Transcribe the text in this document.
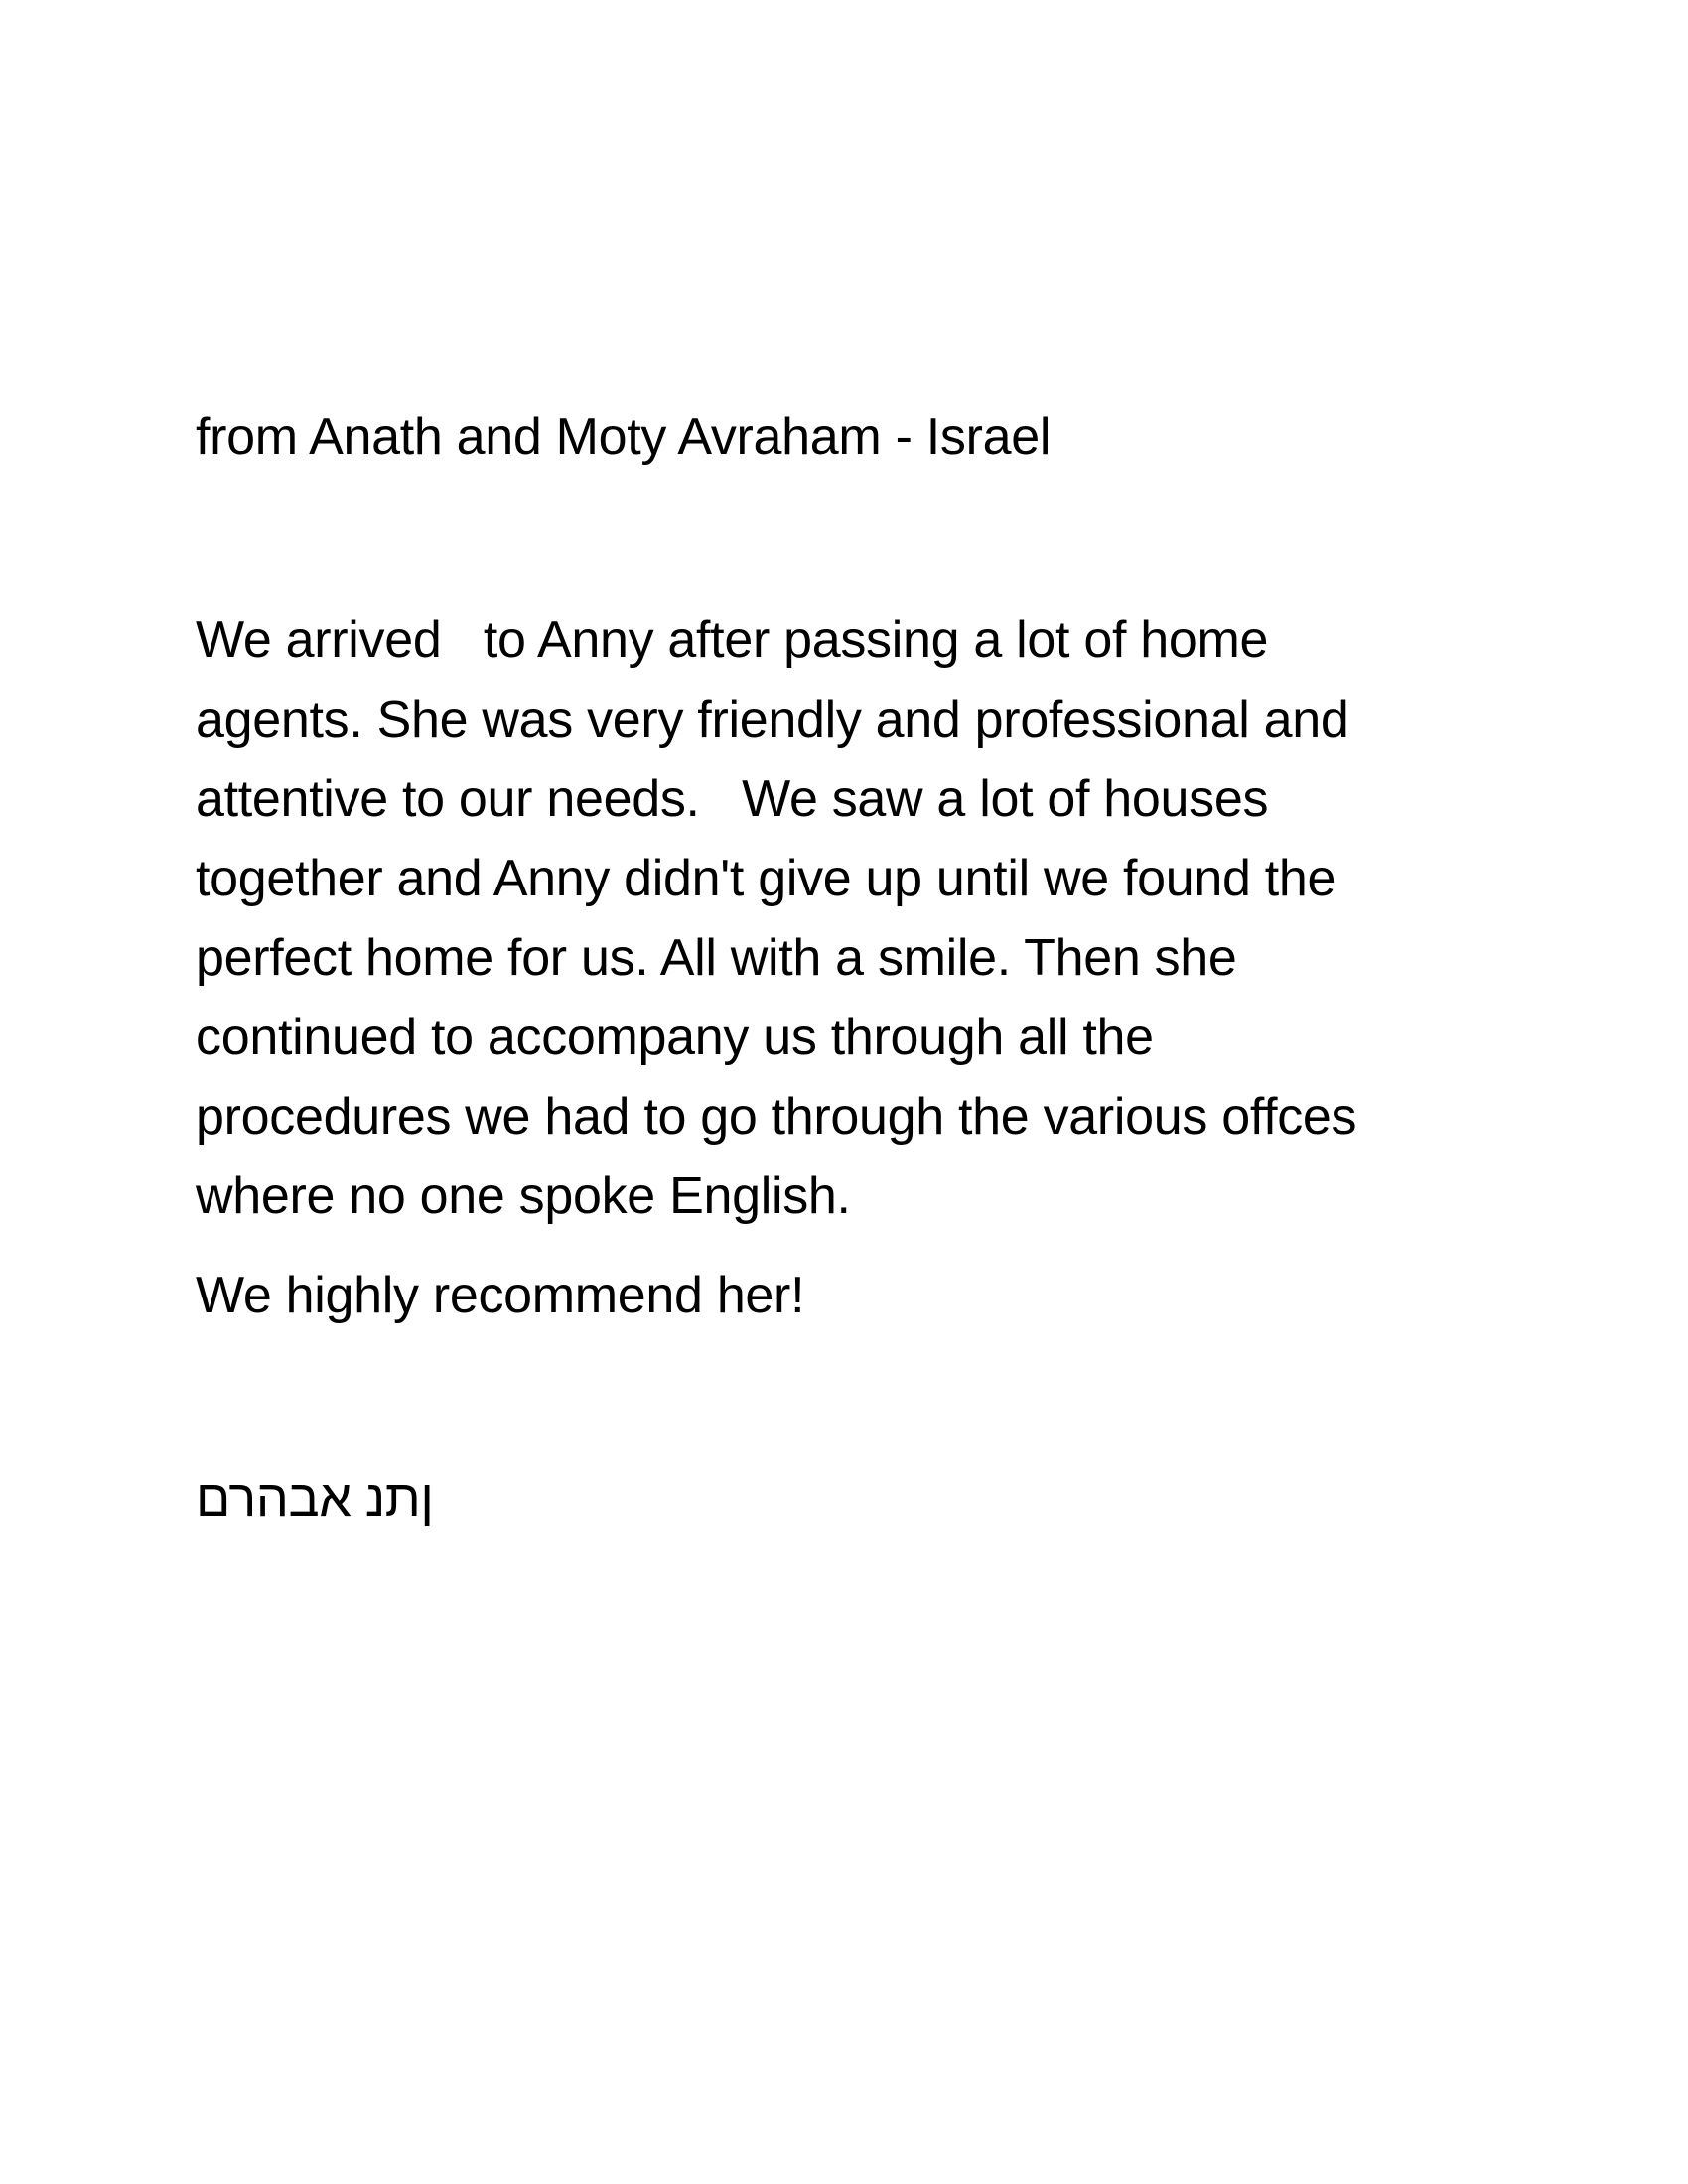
from Anath and Moty Avraham - Israel

We arrived   to Anny after passing a lot of home

agents. She was very friendly and professional and

attentive to our needs.   We saw a lot of houses

together and Anny didn't give up until we found the

perfect home for us. All with a smile. Then she

continued to accompany us through all the

procedures we had to go through the various offces

where no one spoke English.

We highly recommend her!

ןתנ אבהרם
